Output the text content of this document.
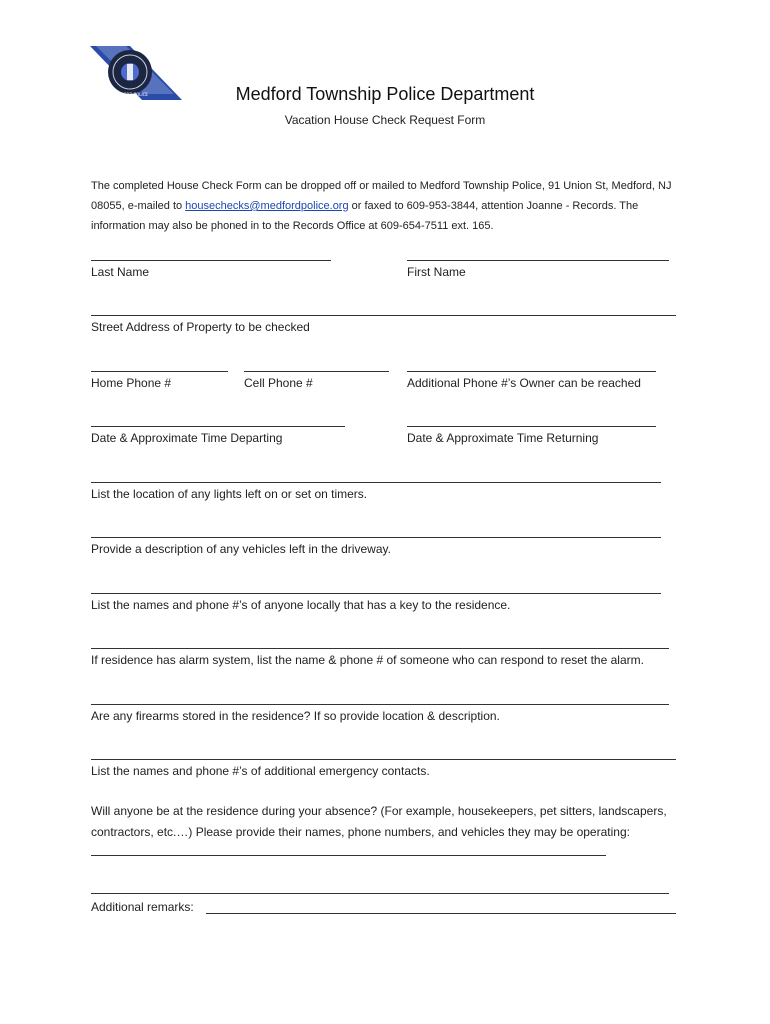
MEDFORD POLICE	Medford Township Police Department
Vacation House Check Request Form
The completed House Check Form can be dropped off or mailed to Medford Township Police, 91 Union St, Medford, NJ 08055, e-mailed to housechecks@medfordpolice.org or faxed to 609-953-3844, attention Joanne - Records. The information may also be phoned in to the Records Office at 609-654-7511 ext. 165.
Last Name	First Name
Street Address of Property to be checked
Home Phone #	Cell Phone #	Additional Phone #’s Owner can be reached
Date & Approximate Time Departing	Date & Approximate Time Returning
List the location of any lights left on or set on timers.
Provide a description of any vehicles left in the driveway.
List the names and phone #’s of anyone locally that has a key to the residence.
If residence has alarm system, list the name & phone # of someone who can respond to reset the alarm.
Are any firearms stored in the residence? If so provide location & description.
List the names and phone #’s of additional emergency contacts.
Will anyone be at the residence during your absence? (For example, housekeepers, pet sitters, landscapers, contractors, etc.…) Please provide their names, phone numbers, and vehicles they may be operating:
Additional remarks:
